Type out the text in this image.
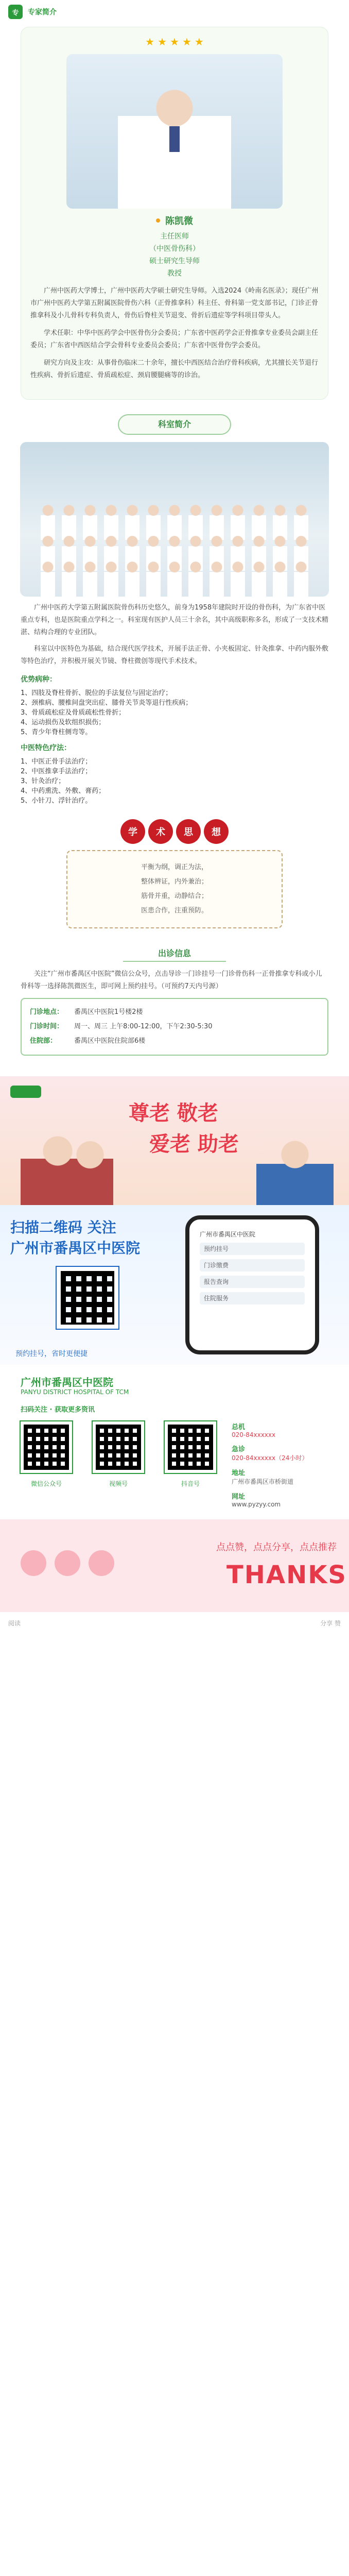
专	专家简介
★ ★ ★ ★ ★
陈凯微
主任医师
（中医骨伤科）
硕士研究生导师
教授

广州中医药大学博士，广州中医药大学硕士研究生导师。入选2024《岭南名医录》；现任广州市广州中医药大学第五附属医院骨伤六科（正骨推拿科）科主任、骨科第一党支部书记，门诊正骨推拿科及小儿骨科专科负责人，骨伤后脊柱关节退变、骨折后遗症等学科项目带头人。

学术任职：中华中医药学会中医骨伤分会委员；广东省中医药学会正骨推拿专业委员会副主任委员；广东省中西医结合学会骨科专业委员会委员；广东省中医骨伤学会委员。

研究方向及主攻：从事骨伤临床二十余年，擅长中西医结合治疗骨科疾病，尤其擅长关节退行性疾病、骨折后遗症、骨质疏松症、颈肩腰腿痛等的诊治。

科室简介

广州中医药大学第五附属医院骨伤科历史悠久，前身为1958年建院时开设的骨伤科，为广东省中医重点专科，也是医院重点学科之一。科室现有医护人员三十余名，其中高级职称多名，形成了一支技术精湛、结构合理的专业团队。

科室以中医特色为基础，结合现代医学技术，开展手法正骨、小夹板固定、针灸推拿、中药内服外敷等特色治疗，并积极开展关节镜、脊柱微创等现代手术技术。

优势病种：
1、四肢及脊柱骨折、脱位的手法复位与固定治疗；
2、颈椎病、腰椎间盘突出症、膝骨关节炎等退行性疾病；
3、骨质疏松症及骨质疏松性骨折；
4、运动损伤及软组织损伤；
5、青少年脊柱侧弯等。
中医特色疗法：
1、中医正骨手法治疗；
2、中医推拿手法治疗；
3、针灸治疗；
4、中药熏洗、外敷、膏药；
5、小针刀、浮针治疗。
学	术	思	想
平衡为纲，调正为法，
整体辨证，内外兼治；
筋骨并重，动静结合；
医患合作，注重预防。
出诊信息

关注“广州市番禺区中医院”微信公众号，点击导诊一门诊挂号一门诊骨伤科一正骨推拿专科或小儿骨科等一选择陈凯微医生，即可网上预约挂号。（可预约7天内号源）

门诊地点：	番禺区中医院1号楼2楼
门诊时间：	周一、周三 上午8:00-12:00，下午2:30-5:30
住院部：	番禺区中医院住院部6楼
尊老 敬老
爱老 助老
扫描二维码 关注
广州市番禺区中医院
广州市番禺区中医院
预约挂号
门诊缴费
报告查询
住院服务
预约挂号，省时更便捷
广州市番禺区中医院
PANYU DISTRICT HOSPITAL OF TCM
扫码关注 · 获取更多资讯
微信公众号	视频号	抖音号
总机
020-84xxxxxx
急诊
020-84xxxxxx（24小时）
地址
广州市番禺区市桥街道
网址
www.pyzyy.com
点点赞，点点分享，点点推荐
THANKS
阅读	分享 赞
